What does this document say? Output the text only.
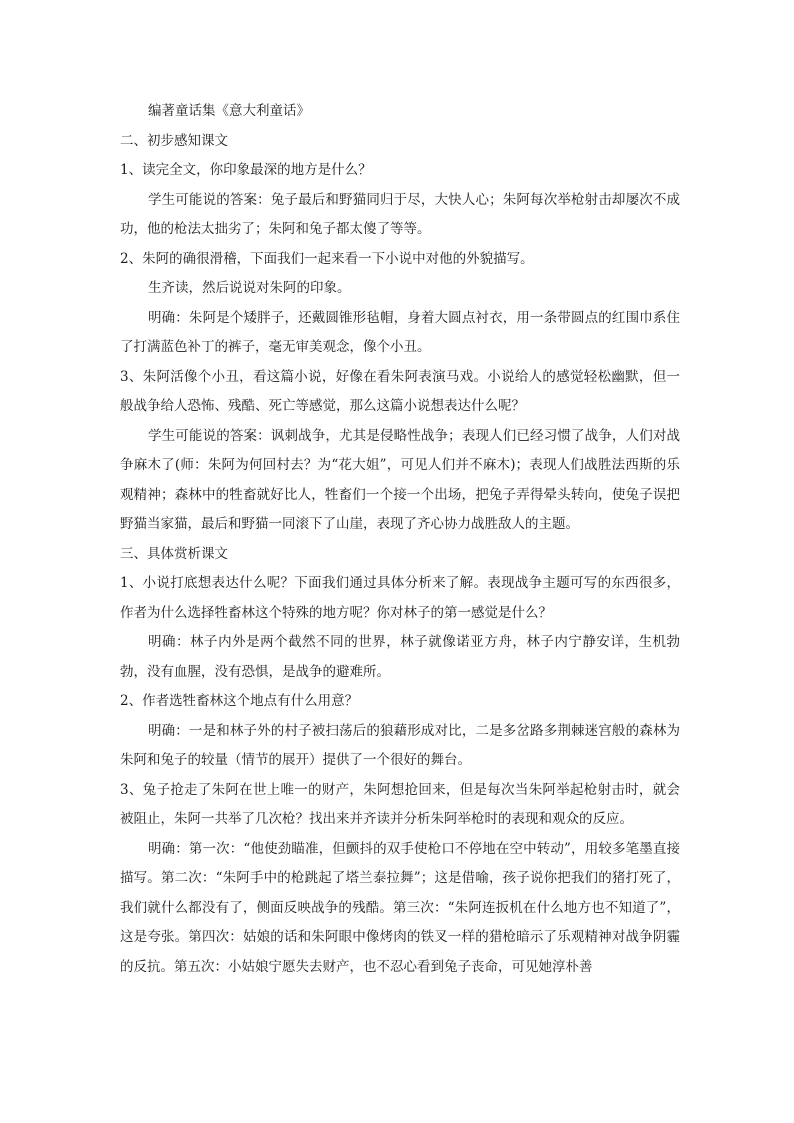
编著童话集《意大利童话》

二、初步感知课文

1、读完全文，你印象最深的地方是什么？

学生可能说的答案：兔子最后和野猫同归于尽，大快人心；朱阿每次举枪射击却屡次不成功，他的枪法太拙劣了；朱阿和兔子都太傻了等等。

2、朱阿的确很滑稽，下面我们一起来看一下小说中对他的外貌描写。

生齐读，然后说说对朱阿的印象。

明确：朱阿是个矮胖子，还戴圆锥形毡帽，身着大圆点衬衣，用一条带圆点的红围巾系住了打满蓝色补丁的裤子，毫无审美观念，像个小丑。

3、朱阿活像个小丑，看这篇小说，好像在看朱阿表演马戏。小说给人的感觉轻松幽默，但一般战争给人恐怖、残酷、死亡等感觉，那么这篇小说想表达什么呢？

学生可能说的答案：讽刺战争，尤其是侵略性战争；表现人们已经习惯了战争，人们对战争麻木了(师：朱阿为何回村去？为“花大姐”，可见人们并不麻木)；表现人们战胜法西斯的乐观精神；森林中的牲畜就好比人，牲畜们一个接一个出场，把兔子弄得晕头转向，使兔子误把野猫当家猫，最后和野猫一同滚下了山崖，表现了齐心协力战胜敌人的主题。

三、具体赏析课文

1、小说打底想表达什么呢？下面我们通过具体分析来了解。表现战争主题可写的东西很多，作者为什么选择牲畜林这个特殊的地方呢？你对林子的第一感觉是什么？

明确：林子内外是两个截然不同的世界，林子就像诺亚方舟，林子内宁静安详，生机勃勃，没有血腥，没有恐惧，是战争的避难所。

2、作者选牲畜林这个地点有什么用意？

明确：一是和林子外的村子被扫荡后的狼藉形成对比，二是多岔路多荆棘迷宫般的森林为朱阿和兔子的较量（情节的展开）提供了一个很好的舞台。

3、兔子抢走了朱阿在世上唯一的财产，朱阿想抢回来，但是每次当朱阿举起枪射击时，就会被阻止，朱阿一共举了几次枪？找出来并齐读并分析朱阿举枪时的表现和观众的反应。

明确：第一次：“他使劲瞄准，但颤抖的双手使枪口不停地在空中转动”，用较多笔墨直接描写。第二次：“朱阿手中的枪跳起了塔兰泰拉舞”；这是借喻，孩子说你把我们的猪打死了，我们就什么都没有了，侧面反映战争的残酷。第三次：“朱阿连扳机在什么地方也不知道了”，这是夸张。第四次：姑娘的话和朱阿眼中像烤肉的铁叉一样的猎枪暗示了乐观精神对战争阴霾的反抗。第五次：小姑娘宁愿失去财产，也不忍心看到兔子丧命，可见她淳朴善
